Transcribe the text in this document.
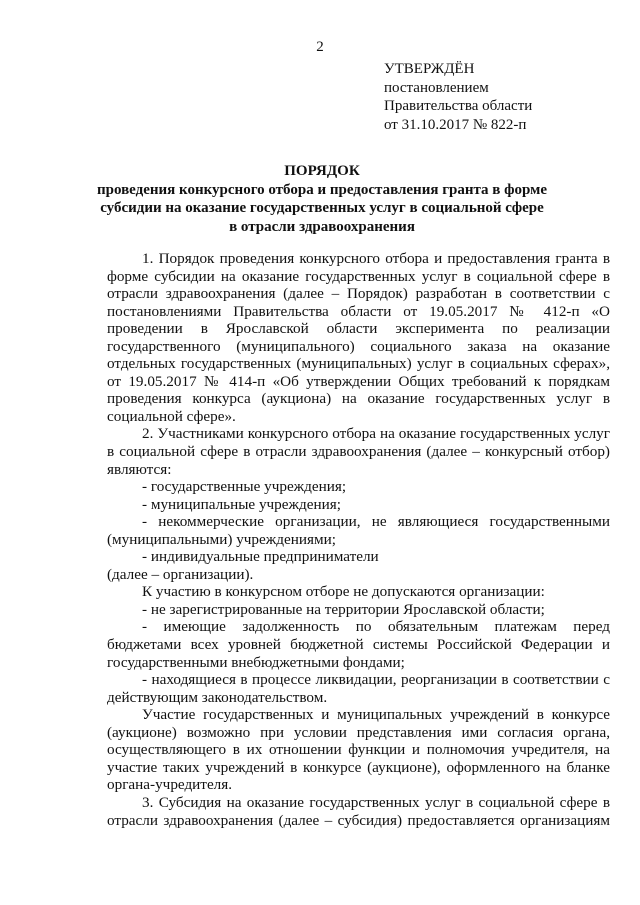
2
УТВЕРЖДЁН
постановлением
Правительства области
от 31.10.2017 № 822-п
ПОРЯДОК
проведения конкурсного отбора и предоставления гранта в форме
субсидии на оказание государственных услуг в социальной сфере
в отрасли здравоохранения

1. Порядок проведения конкурсного отбора и предоставления гранта в форме субсидии на оказание государственных услуг в социальной сфере в отрасли здравоохранения (далее – Порядок) разработан в соответствии с постановлениями Правительства области от 19.05.2017 № 412-п «О проведении в Ярославской области эксперимента по реализации государственного (муниципального) социального заказа на оказание отдельных государственных (муниципальных) услуг в социальных сферах», от 19.05.2017 № 414-п «Об утверждении Общих требований к порядкам проведения конкурса (аукциона) на оказание государственных услуг в социальной сфере».

2. Участниками конкурсного отбора на оказание государственных услуг в социальной сфере в отрасли здравоохранения (далее – конкурсный отбор) являются:

- государственные учреждения;

- муниципальные учреждения;

- некоммерческие организации, не являющиеся государственными (муниципальными) учреждениями;

- индивидуальные предприниматели

(далее – организации).

К участию в конкурсном отборе не допускаются организации:

- не зарегистрированные на территории Ярославской области;

- имеющие задолженность по обязательным платежам перед бюджетами всех уровней бюджетной системы Российской Федерации и государственными внебюджетными фондами;

- находящиеся в процессе ликвидации, реорганизации в соответствии с действующим законодательством.

Участие государственных и муниципальных учреждений в конкурсе (аукционе) возможно при условии представления ими согласия органа, осуществляющего в их отношении функции и полномочия учредителя, на участие таких учреждений в конкурсе (аукционе), оформленного на бланке органа-учредителя.

3. Субсидия на оказание государственных услуг в социальной сфере в отрасли здравоохранения (далее – субсидия) предоставляется организациям
